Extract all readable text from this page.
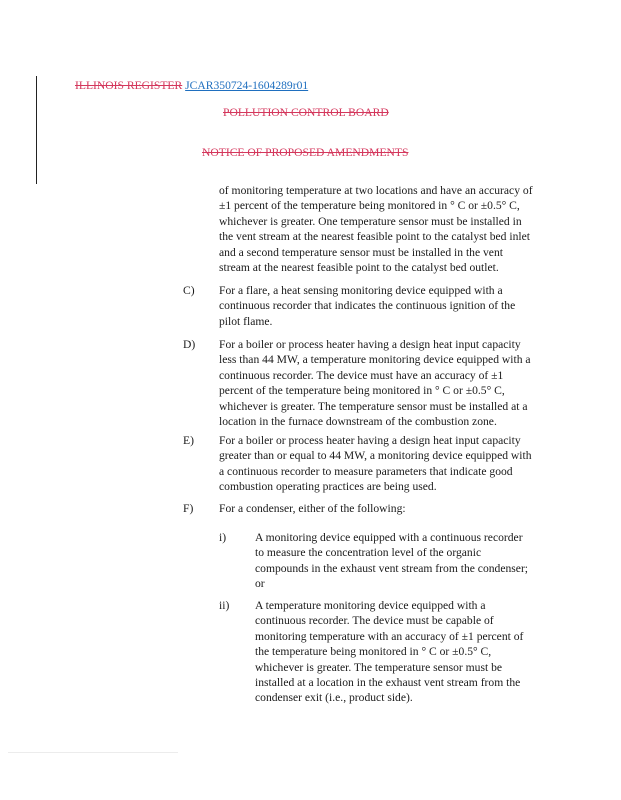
ILLINOIS REGISTER JCAR350724-1604289r01
POLLUTION CONTROL BOARD
NOTICE OF PROPOSED AMENDMENTS

of monitoring temperature at two locations and have an accuracy of
±1 percent of the temperature being monitored in ° C or ±0.5° C,
whichever is greater. One temperature sensor must be installed in
the vent stream at the nearest feasible point to the catalyst bed inlet
and a second temperature sensor must be installed in the vent
stream at the nearest feasible point to the catalyst bed outlet.

C) For a flare, a heat sensing monitoring device equipped with a
continuous recorder that indicates the continuous ignition of the
pilot flame.

D) For a boiler or process heater having a design heat input capacity
less than 44 MW, a temperature monitoring device equipped with a
continuous recorder. The device must have an accuracy of ±1
percent of the temperature being monitored in ° C or ±0.5° C,
whichever is greater. The temperature sensor must be installed at a
location in the furnace downstream of the combustion zone.

E) For a boiler or process heater having a design heat input capacity
greater than or equal to 44 MW, a monitoring device equipped with
a continuous recorder to measure parameters that indicate good
combustion operating practices are being used.

F) For a condenser, either of the following:

i) A monitoring device equipped with a continuous recorder
to measure the concentration level of the organic
compounds in the exhaust vent stream from the condenser;
or

ii) A temperature monitoring device equipped with a
continuous recorder. The device must be capable of
monitoring temperature with an accuracy of ±1 percent of
the temperature being monitored in ° C or ±0.5° C,
whichever is greater. The temperature sensor must be
installed at a location in the exhaust vent stream from the
condenser exit (i.e., product side).
